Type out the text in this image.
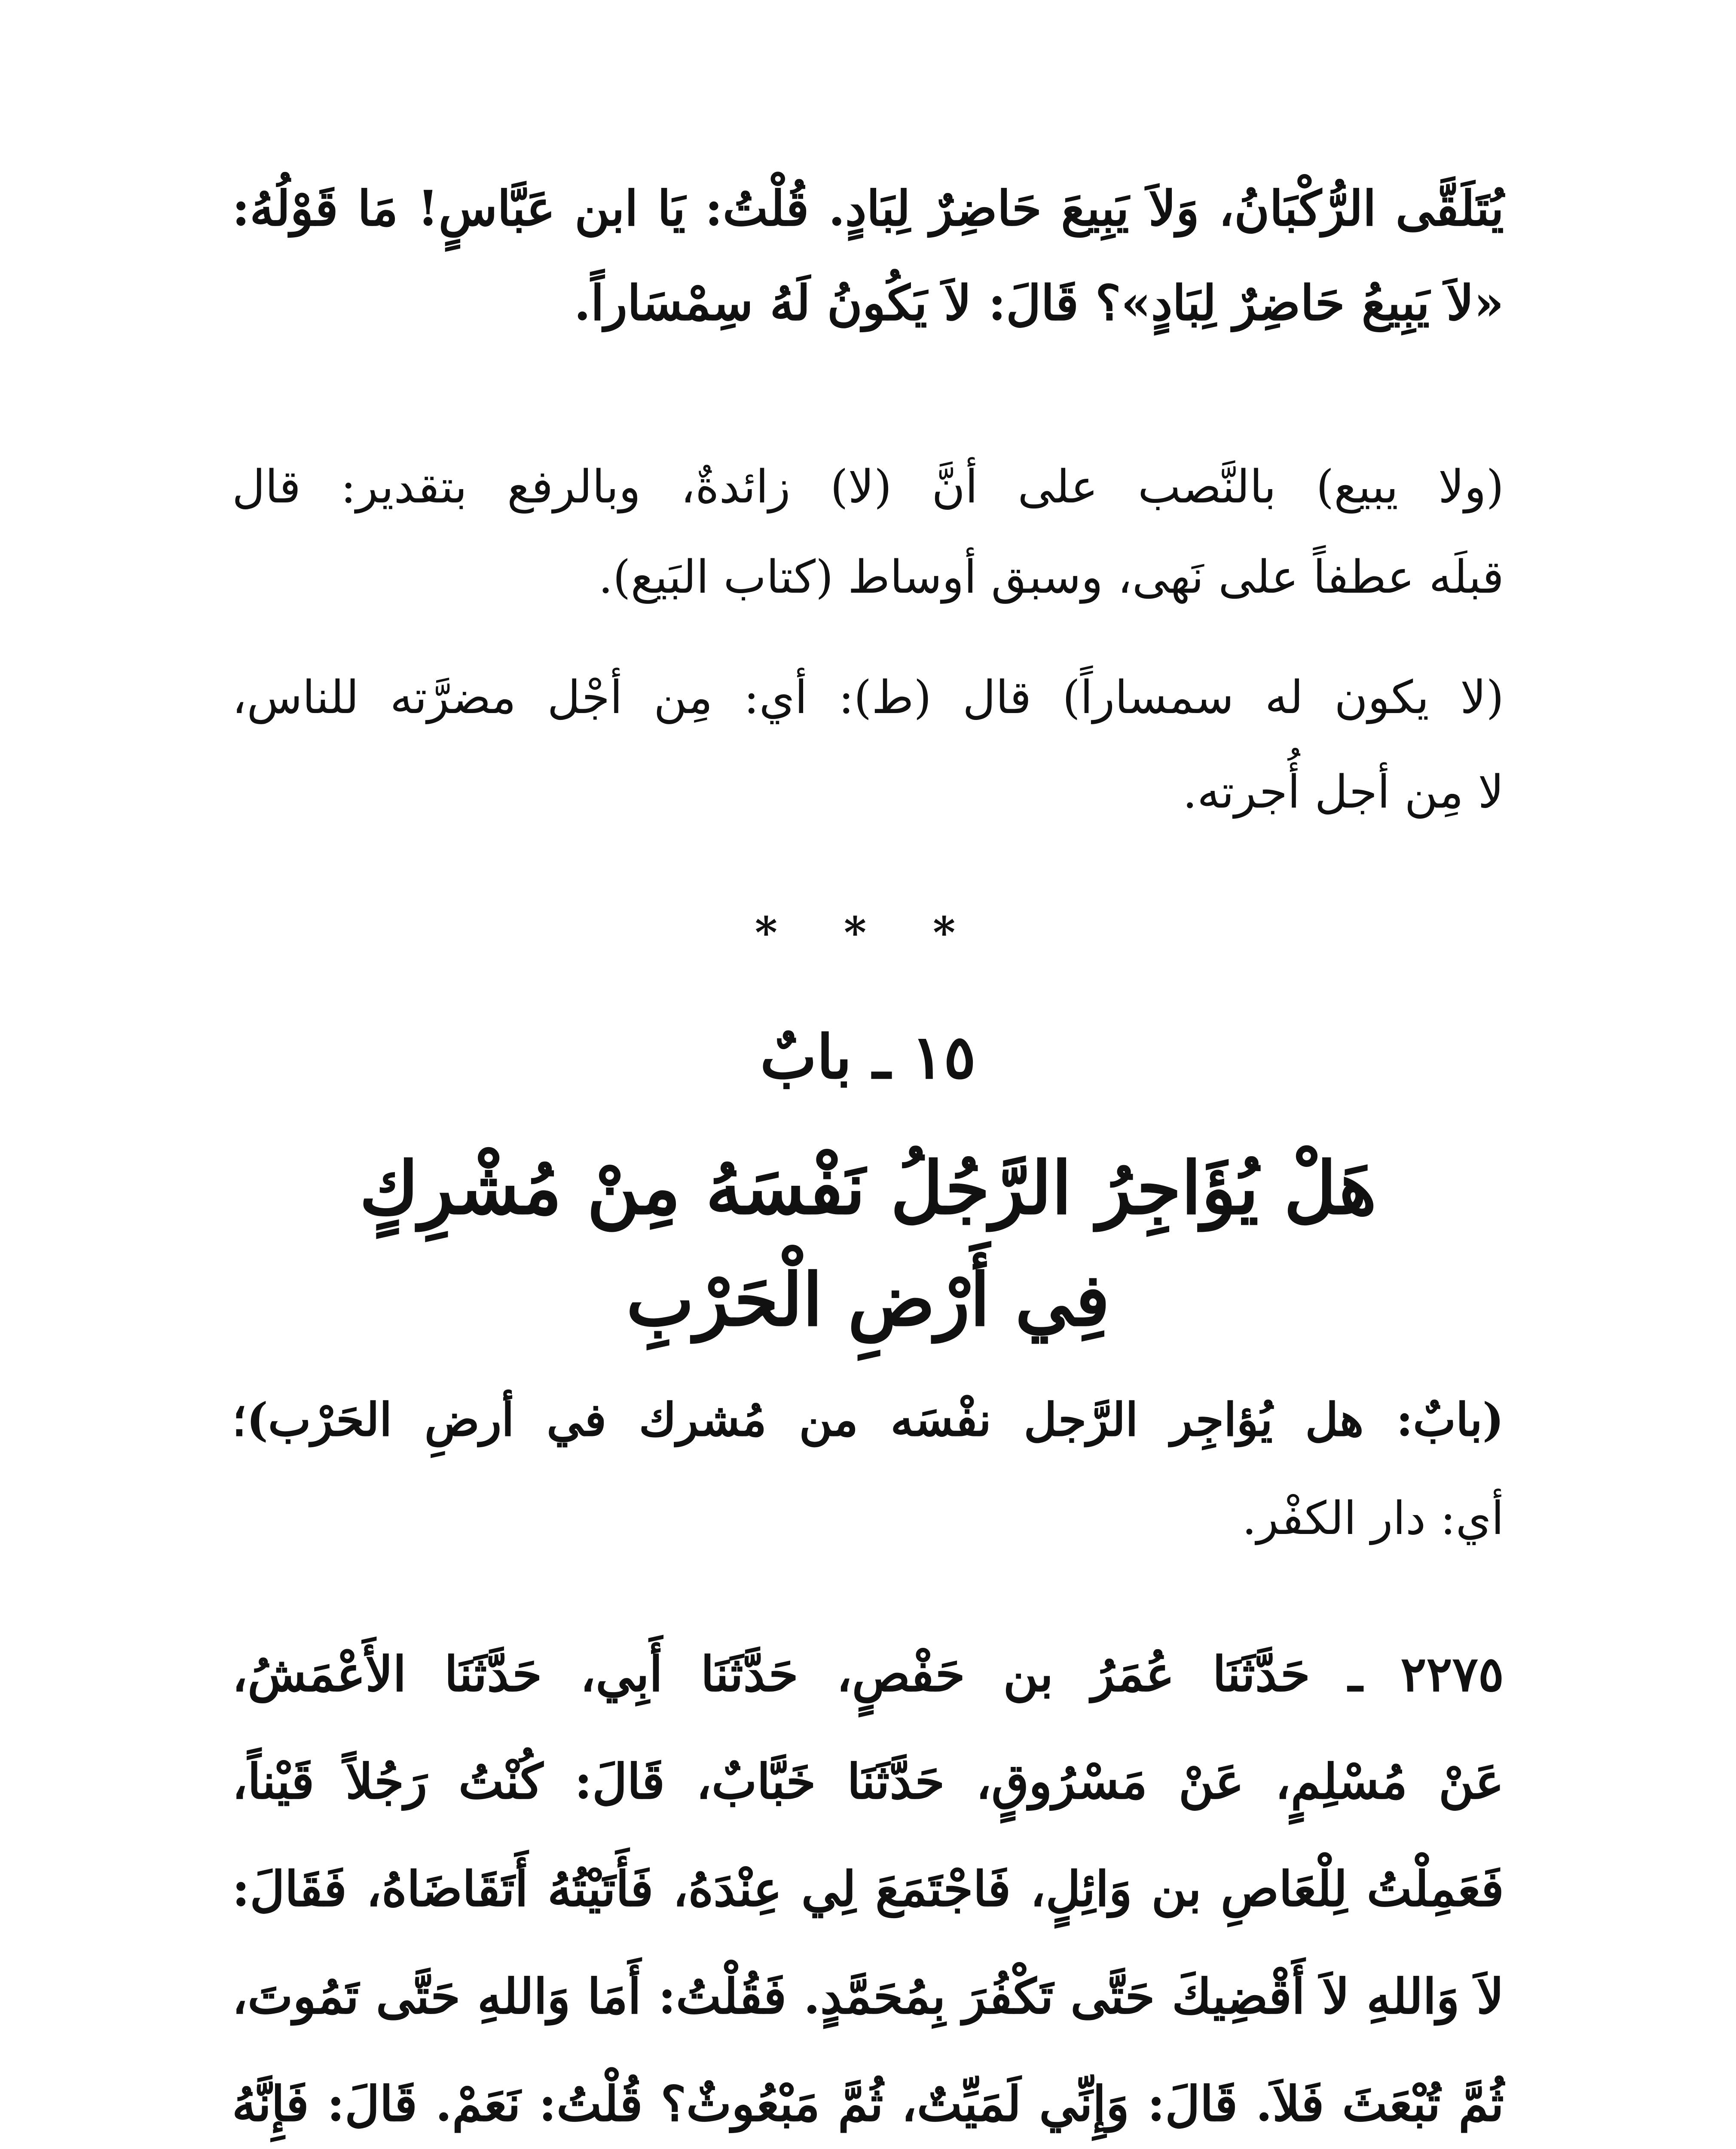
يُتَلَقَّى الرُّكْبَانُ، وَلاَ يَبِيعَ حَاضِرٌ لِبَادٍ. قُلْتُ: يَا ابن عَبَّاسٍ! مَا قَوْلُهُ:
«لاَ يَبِيعُ حَاضِرٌ لِبَادٍ»؟ قَالَ: لاَ يَكُونُ لَهُ سِمْسَاراً.
(ولا يبيع) بالنَّصب على أنَّ (لا) زائدةٌ، وبالرفع بتقدير: قال
قبلَه عطفاً على نَهى، وسبق أوساط (كتاب البَيع).
(لا يكون له سمساراً) قال (ط): أي: مِن أجْل مضرَّته للناس،
لا مِن أجل أُجرته.
* * *
١٥ ـ بابٌ
هَلْ يُؤَاجِرُ الرَّجُلُ نَفْسَهُ مِنْ مُشْرِكٍ
فِي أَرْضِ الْحَرْبِ
(بابٌ: هل يُؤاجِر الرَّجل نفْسَه من مُشرك في أرضِ الحَرْب)؛
أي: دار الكفْر.
٢٢٧٥ ـ حَدَّثَنَا عُمَرُ بن حَفْصٍ، حَدَّثَنَا أَبِي، حَدَّثَنَا الأَعْمَشُ،
عَنْ مُسْلِمٍ، عَنْ مَسْرُوقٍ، حَدَّثَنَا خَبَّابٌ، قَالَ: كُنْتُ رَجُلاً قَيْناً،
فَعَمِلْتُ لِلْعَاصِ بن وَائِلٍ، فَاجْتَمَعَ لِي عِنْدَهُ، فَأَتَيْتُهُ أَتَقَاضَاهُ، فَقَالَ:
لاَ وَاللهِ لاَ أَقْضِيكَ حَتَّى تَكْفُرَ بِمُحَمَّدٍ. فَقُلْتُ: أَمَا وَاللهِ حَتَّى تَمُوتَ،
ثُمَّ تُبْعَثَ فَلاَ. قَالَ: وَإِنِّي لَمَيِّتٌ، ثُمَّ مَبْعُوثٌ؟ قُلْتُ: نَعَمْ. قَالَ: فَإِنَّهُ
